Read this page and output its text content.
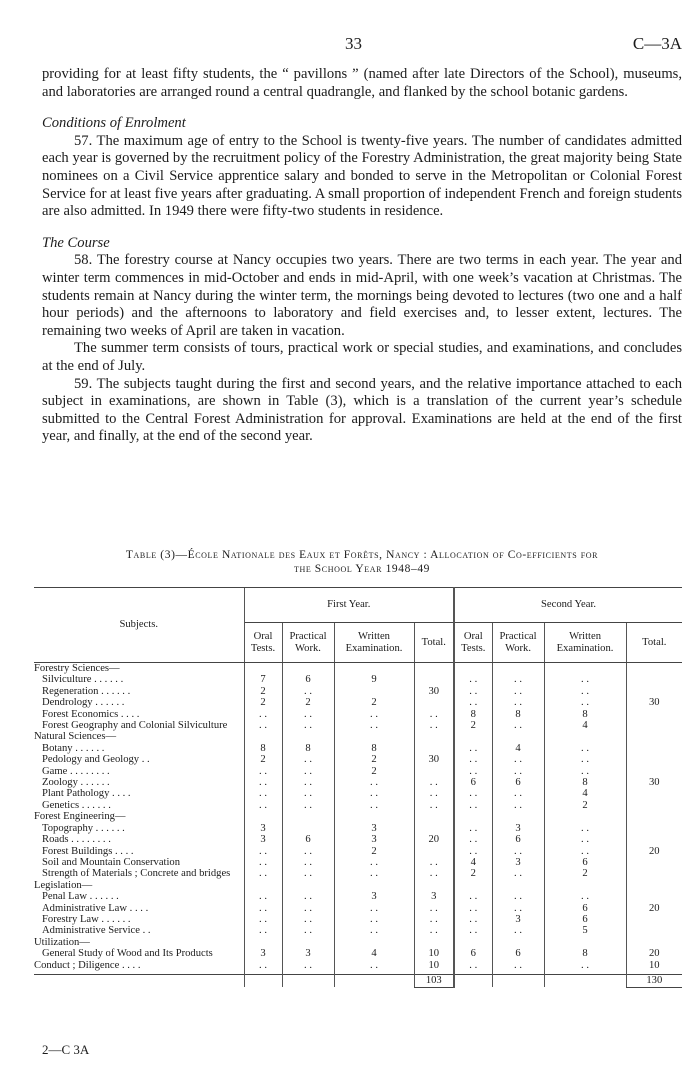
33	C—3A

providing for at least fifty students, the “ pavillons ” (named after late Directors of the School), museums, and laboratories are arranged round a central quadrangle, and flanked by the school botanic gardens.

Conditions of Enrolment

57. The maximum age of entry to the School is twenty-five years. The number of candidates admitted each year is governed by the recruitment policy of the Forestry Administration, the great majority being State nominees on a Civil Service apprentice salary and bonded to serve in the Metropolitan or Colonial Forest Service for at least five years after graduating. A small proportion of independent French and foreign students are also admitted. In 1949 there were fifty-two students in residence.

The Course

58. The forestry course at Nancy occupies two years. There are two terms in each year. The year and winter term commences in mid-October and ends in mid-April, with one week’s vacation at Christmas. The students remain at Nancy during the winter term, the mornings being devoted to lectures (two one and a half hour periods) and the afternoons to laboratory and field exercises and, to lesser extent, lectures. The remaining two weeks of April are taken in vacation.

The summer term consists of tours, practical work or special studies, and examinations, and concludes at the end of July.

59. The subjects taught during the first and second years, and the relative importance attached to each subject in examinations, are shown in Table (3), which is a translation of the current year’s schedule submitted to the Central Forest Administration for approval. Examinations are held at the end of the first year, and finally, at the end of the second year.

Table (3)—École Nationale des Eaux et Forêts, Nancy : Allocation of Co-efficients for
the School Year 1948–49
Subjects.	First Year.				Second Year.			
	Oral Tests.	Practical Work.	Written Examination.	Total.	Oral Tests.	Practical Work.	Written Examination.	Total.
Forestry Sciences—								
Silviculture . . . . . .	7	6	9		. .	. .	. .	
Regeneration . . . . . .	2	. .		30	. .	. .	. .	
Dendrology . . . . . .	2	2	2		. .	. .	. .	30
Forest Economics . . . .	. .	. .	. .	. .	8	8	8	
Forest Geography and Colonial Silviculture	. .	. .	. .	. .	2	. .	4	
Natural Sciences—								
Botany . . . . . .	8	8	8		. .	4	. .	
Pedology and Geology . .	2	. .	2	30	. .	. .	. .	
Game . . . . . . . .	. .	. .	2		. .	. .	. .	
Zoology . . . . . .	. .	. .	. .	. .	6	6	8	30
Plant Pathology . . . .	. .	. .	. .	. .	. .	. .	4	
Genetics . . . . . .	. .	. .	. .	. .	. .	. .	2	
Forest Engineering—								
Topography . . . . . .	3		3		. .	3	. .	
Roads . . . . . . . .	3	6	3	20	. .	6	. .	
Forest Buildings . . . .	. .	. .	2		. .	. .	. .	20
Soil and Mountain Conservation	. .	. .	. .	. .	4	3	6	
Strength of Materials ; Concrete and bridges	. .	. .	. .	. .	2	. .	2	
Legislation—								
Penal Law . . . . . .	. .	. .	3	3	. .	. .	. .	
Administrative Law . . . .	. .	. .	. .	. .	. .	. .	6	20
Forestry Law . . . . . .	. .	. .	. .	. .	. .	3	6	
Administrative Service . .	. .	. .	. .	. .	. .	. .	5	
Utilization—								
General Study of Wood and Its Products	3	3	4	10	6	6	8	20
Conduct ; Diligence . . . .	. .	. .	. .	10	. .	. .	. .	10

				103				130
2—C 3A
